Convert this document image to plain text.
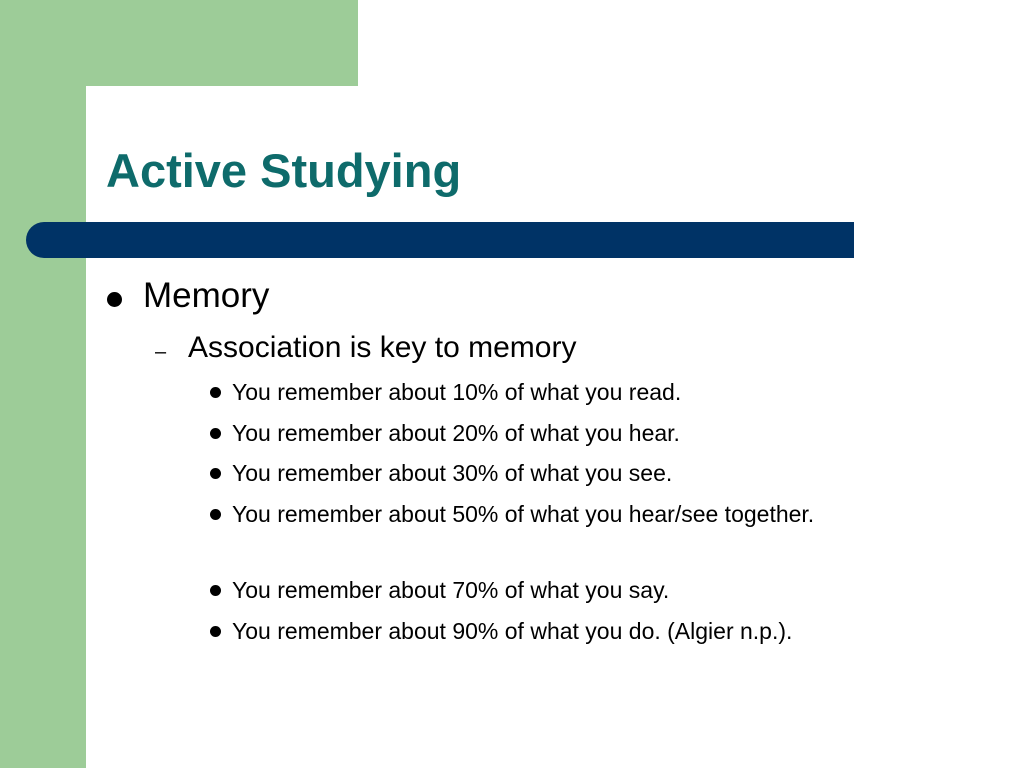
Active Studying
Memory
– Association is key to memory
You remember about 10% of what you read.
You remember about 20% of what you hear.
You remember about 30% of what you see.
You remember about 50% of what you hear/see together.
You remember about 70% of what you say.
You remember about 90% of what you do. (Algier n.p.).
